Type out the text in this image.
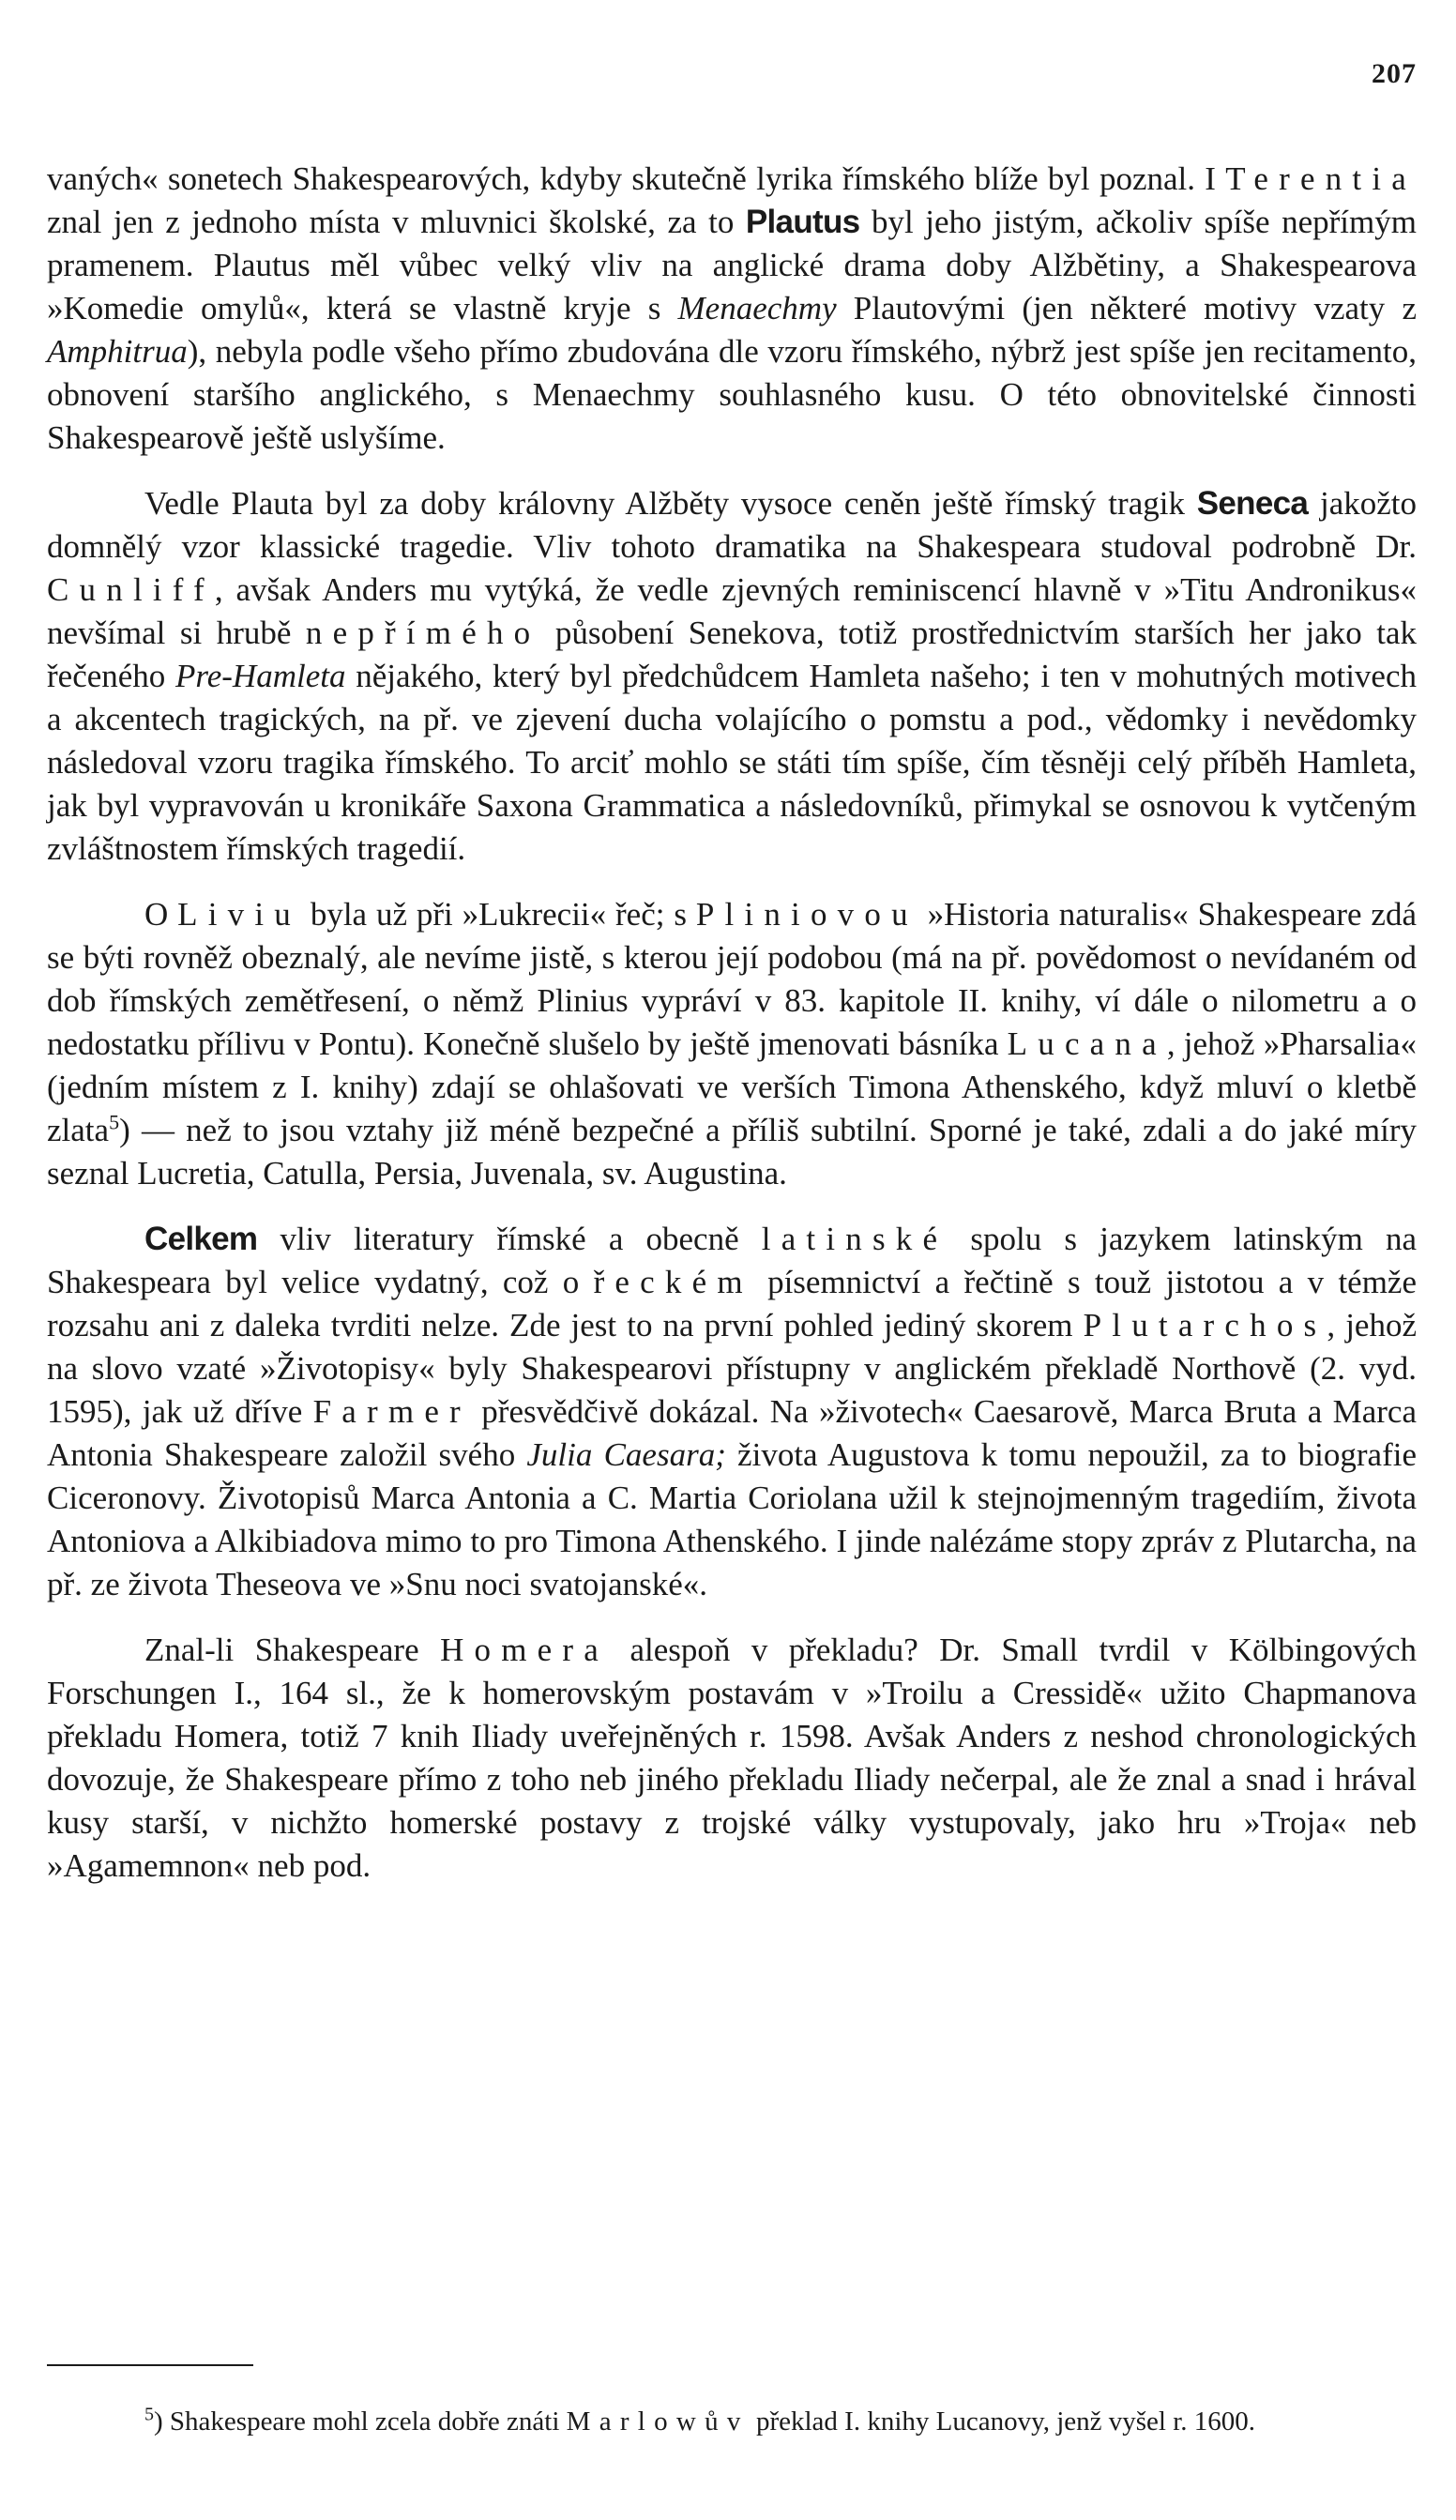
207

vaných« sonetech Shakespearových, kdyby skutečně lyrika římského blíže byl poznal. I Terentia znal jen z jednoho místa v mluvnici školské, za to Plautus byl jeho jistým, ačkoliv spíše nepřímým pramenem. Plautus měl vůbec velký vliv na anglické drama doby Alžbětiny, a Shakespearova »Komedie omylů«, která se vlastně kryje s Menaechmy Plautovými (jen některé motivy vzaty z Amphitrua), nebyla podle všeho přímo zbudována dle vzoru římského, nýbrž jest spíše jen recitamento, obnovení staršího anglického, s Menaechmy souhlasného kusu. O této obnovitelské činnosti Shakespearově ještě uslyšíme.

Vedle Plauta byl za doby královny Alžběty vysoce ceněn ještě římský tragik Seneca jakožto domnělý vzor klassické tragedie. Vliv tohoto dramatika na Shakespeara studoval podrobně Dr. Cunliff, avšak Anders mu vytýká, že vedle zjevných reminiscencí hlavně v »Titu Andronikus« nevšímal si hrubě nepřímého působení Senekova, totiž prostřednictvím starších her jako tak řečeného Pre-Hamleta nějakého, který byl předchůdcem Hamleta našeho; i ten v mohutných motivech a akcentech tragických, na př. ve zjevení ducha volajícího o pomstu a pod., vědomky i nevědomky následoval vzoru tragika římského. To arciť mohlo se státi tím spíše, čím těsněji celý příběh Hamleta, jak byl vypravován u kronikáře Saxona Grammatica a následovníků, přimykal se osnovou k vytčeným zvláštnostem římských tragedií.

O Liviu byla už při »Lukrecii« řeč; s Pliniovou »Historia naturalis« Shakespeare zdá se býti rovněž obeznalý, ale nevíme jistě, s kterou její podobou (má na př. povědomost o nevídaném od dob římských zemětřesení, o němž Plinius vypráví v 83. kapitole II. knihy, ví dále o nilometru a o nedostatku přílivu v Pontu). Konečně slušelo by ještě jmenovati básníka Lucana, jehož »Pharsalia« (jedním místem z I. knihy) zdají se ohlašovati ve verších Timona Athenského, když mluví o kletbě zlata$^5$) — než to jsou vztahy již méně bezpečné a příliš subtilní. Sporné je také, zdali a do jaké míry seznal Lucretia, Catulla, Persia, Juvenala, sv. Augustina.

Celkem vliv literatury římské a obecně latinské spolu s jazykem latinským na Shakespeara byl velice vydatný, což o řeckém písemnictví a řečtině s touž jistotou a v témže rozsahu ani z daleka tvrditi nelze. Zde jest to na první pohled jediný skorem Plutarchos, jehož na slovo vzaté »Životopisy« byly Shakespearovi přístupny v anglickém překladě Northově (2. vyd. 1595), jak už dříve Farmer přesvědčivě dokázal. Na »životech« Caesarově, Marca Bruta a Marca Antonia Shakespeare založil svého Julia Caesara; života Augustova k tomu nepoužil, za to biografie Ciceronovy. Životopisů Marca Antonia a C. Martia Coriolana užil k stejnojmenným tragediím, života Antoniova a Alkibiadova mimo to pro Timona Athenského. I jinde nalézáme stopy zpráv z Plutarcha, na př. ze života Theseova ve »Snu noci svatojanské«.

Znal-li Shakespeare Homera alespoň v překladu? Dr. Small tvrdil v Kölbingových Forschungen I., 164 sl., že k homerovským postavám v »Troilu a Cressidě« užito Chapmanova překladu Homera, totiž 7 knih Iliady uveřejněných r. 1598. Avšak Anders z neshod chronologických dovozuje, že Shakespeare přímo z toho neb jiného překladu Iliady nečerpal, ale že znal a snad i hrával kusy starší, v nichžto homerské postavy z trojské války vystupovaly, jako hru »Troja« neb »Agamemnon« neb pod.

$^5$) Shakespeare mohl zcela dobře znáti Marlowův překlad I. knihy Lucanovy, jenž vyšel r. 1600.
